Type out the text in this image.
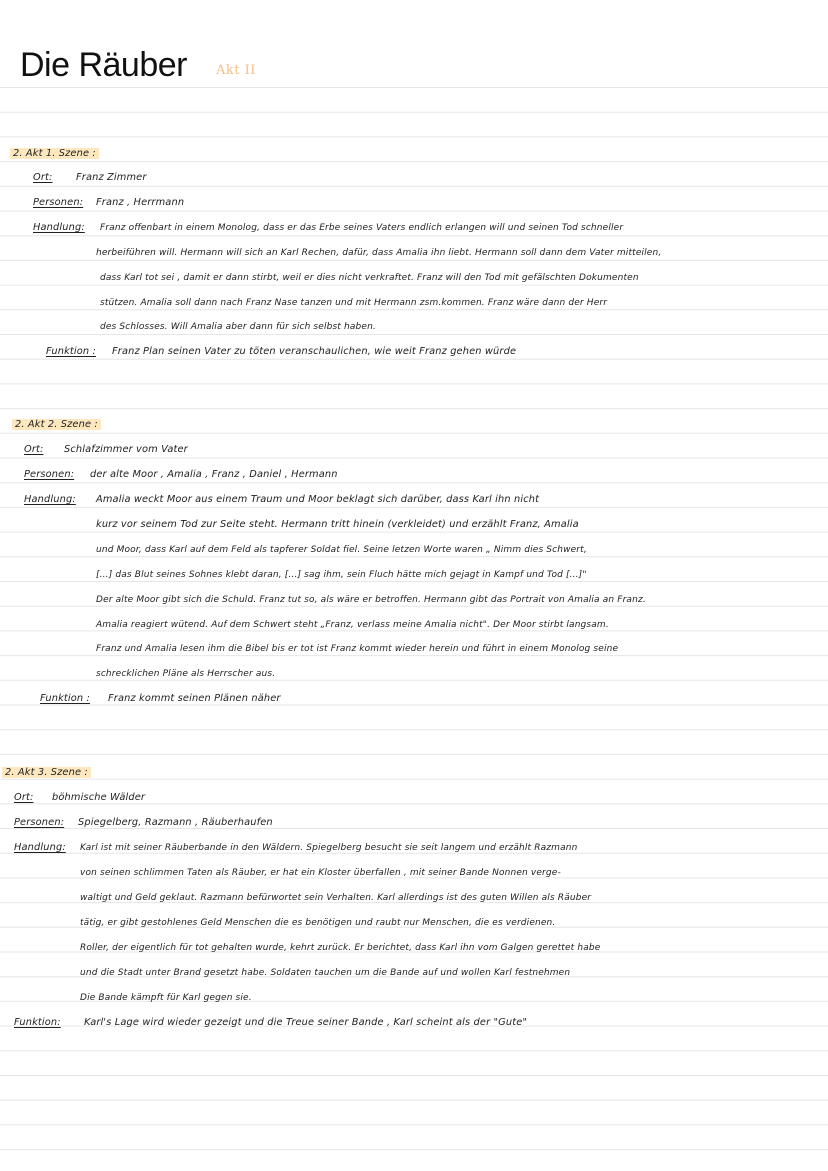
Die Räuber Akt II
2. Akt 1. Szene :
Ort: Franz Zimmer
Personen: Franz , Herrmann
Handlung: Franz offenbart in einem Monolog, dass er das Erbe seines Vaters endlich erlangen will und seinen Tod schneller
herbeiführen will. Hermann will sich an Karl Rechen, dafür, dass Amalia ihn liebt. Hermann soll dann dem Vater mitteilen,
dass Karl tot sei , damit er dann stirbt, weil er dies nicht verkraftet. Franz will den Tod mit gefälschten Dokumenten
stützen. Amalia soll dann nach Franz Nase tanzen und mit Hermann zsm.kommen. Franz wäre dann der Herr
des Schlosses. Will Amalia aber dann für sich selbst haben.
Funktion : Franz Plan seinen Vater zu töten veranschaulichen, wie weit Franz gehen würde
2. Akt 2. Szene :
Ort: Schlafzimmer vom Vater
Personen: der alte Moor , Amalia , Franz , Daniel , Hermann
Handlung: Amalia weckt Moor aus einem Traum und Moor beklagt sich darüber, dass Karl ihn nicht
kurz vor seinem Tod zur Seite steht. Hermann tritt hinein (verkleidet) und erzählt Franz, Amalia
und Moor, dass Karl auf dem Feld als tapferer Soldat fiel. Seine letzen Worte waren „ Nimm dies Schwert,
[...] das Blut seines Sohnes klebt daran, [...] sag ihm, sein Fluch hätte mich gejagt in Kampf und Tod [...]"
Der alte Moor gibt sich die Schuld. Franz tut so, als wäre er betroffen. Hermann gibt das Portrait von Amalia an Franz.
Amalia reagiert wütend. Auf dem Schwert steht „Franz, verlass meine Amalia nicht". Der Moor stirbt langsam.
Franz und Amalia lesen ihm die Bibel bis er tot ist Franz kommt wieder herein und führt in einem Monolog seine
schrecklichen Pläne als Herrscher aus.
Funktion : Franz kommt seinen Plänen näher
2. Akt 3. Szene :
Ort: böhmische Wälder
Personen: Spiegelberg, Razmann , Räuberhaufen
Handlung: Karl ist mit seiner Räuberbande in den Wäldern. Spiegelberg besucht sie seit langem und erzählt Razmann
von seinen schlimmen Taten als Räuber, er hat ein Kloster überfallen , mit seiner Bande Nonnen verge-
waltigt und Geld geklaut. Razmann befürwortet sein Verhalten. Karl allerdings ist des guten Willen als Räuber
tätig, er gibt gestohlenes Geld Menschen die es benötigen und raubt nur Menschen, die es verdienen.
Roller, der eigentlich für tot gehalten wurde, kehrt zurück. Er berichtet, dass Karl ihn vom Galgen gerettet habe
und die Stadt unter Brand gesetzt habe. Soldaten tauchen um die Bande auf und wollen Karl festnehmen
Die Bande kämpft für Karl gegen sie.
Funktion: Karl's Lage wird wieder gezeigt und die Treue seiner Bande , Karl scheint als der "Gute"
